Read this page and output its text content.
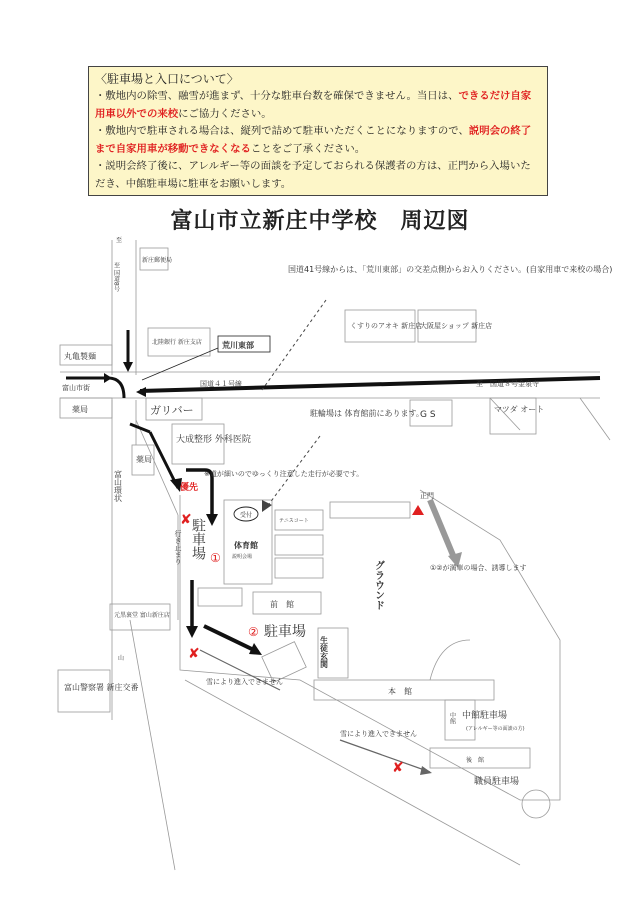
〈駐車場と入口について〉
・敷地内の除雪、融雪が進まず、十分な駐車台数を確保できません。当日は、できるだけ自家用車以外での来校にご協力ください。
・敷地内で駐車される場合は、縦列で詰めて駐車いただくことになりますので、説明会の終了まで自家用車が移動できなくなることをご了承ください。
・説明会終了後に、アレルギー等の面談を予定しておられる保護者の方は、正門から入場いただき、中館駐車場に駐車をお願いします。
富山市立新庄中学校　周辺図
✘
✘
✘
国道41号線からは、「荒川東部」の交差点側からお入りください。(自家用車で来校の場合)
至 国道8号
新庄郵便局
北陸銀行 新庄支店	荒川東部
くすりのアオキ 新庄店
大阪屋ショップ 新庄店
丸亀製麺
富山市街	国道４１号線	至　国道８号金泉寺
薬局	ガリバー	G S
マツダ オート
大成整形 外科医院
駐輪場は 体育館前にあります。
薬局
※道が細いのでゆっくり注意した走行が必要です。
優先
富山環状	正門
受付
駐車場 ①
テニスコート
体育館
説明会場
グラウンド
行き止まり
①②が満車の場合、誘導します
元黒裏堂 富山新庄店
前　館
② 駐車場
生徒玄関
本　館
中館 中館駐車場
(アレルギー等の面談の方)
富山警察署 新庄交番
雪により進入できません
雪により進入できません
後　館
職員駐車場
山
至
